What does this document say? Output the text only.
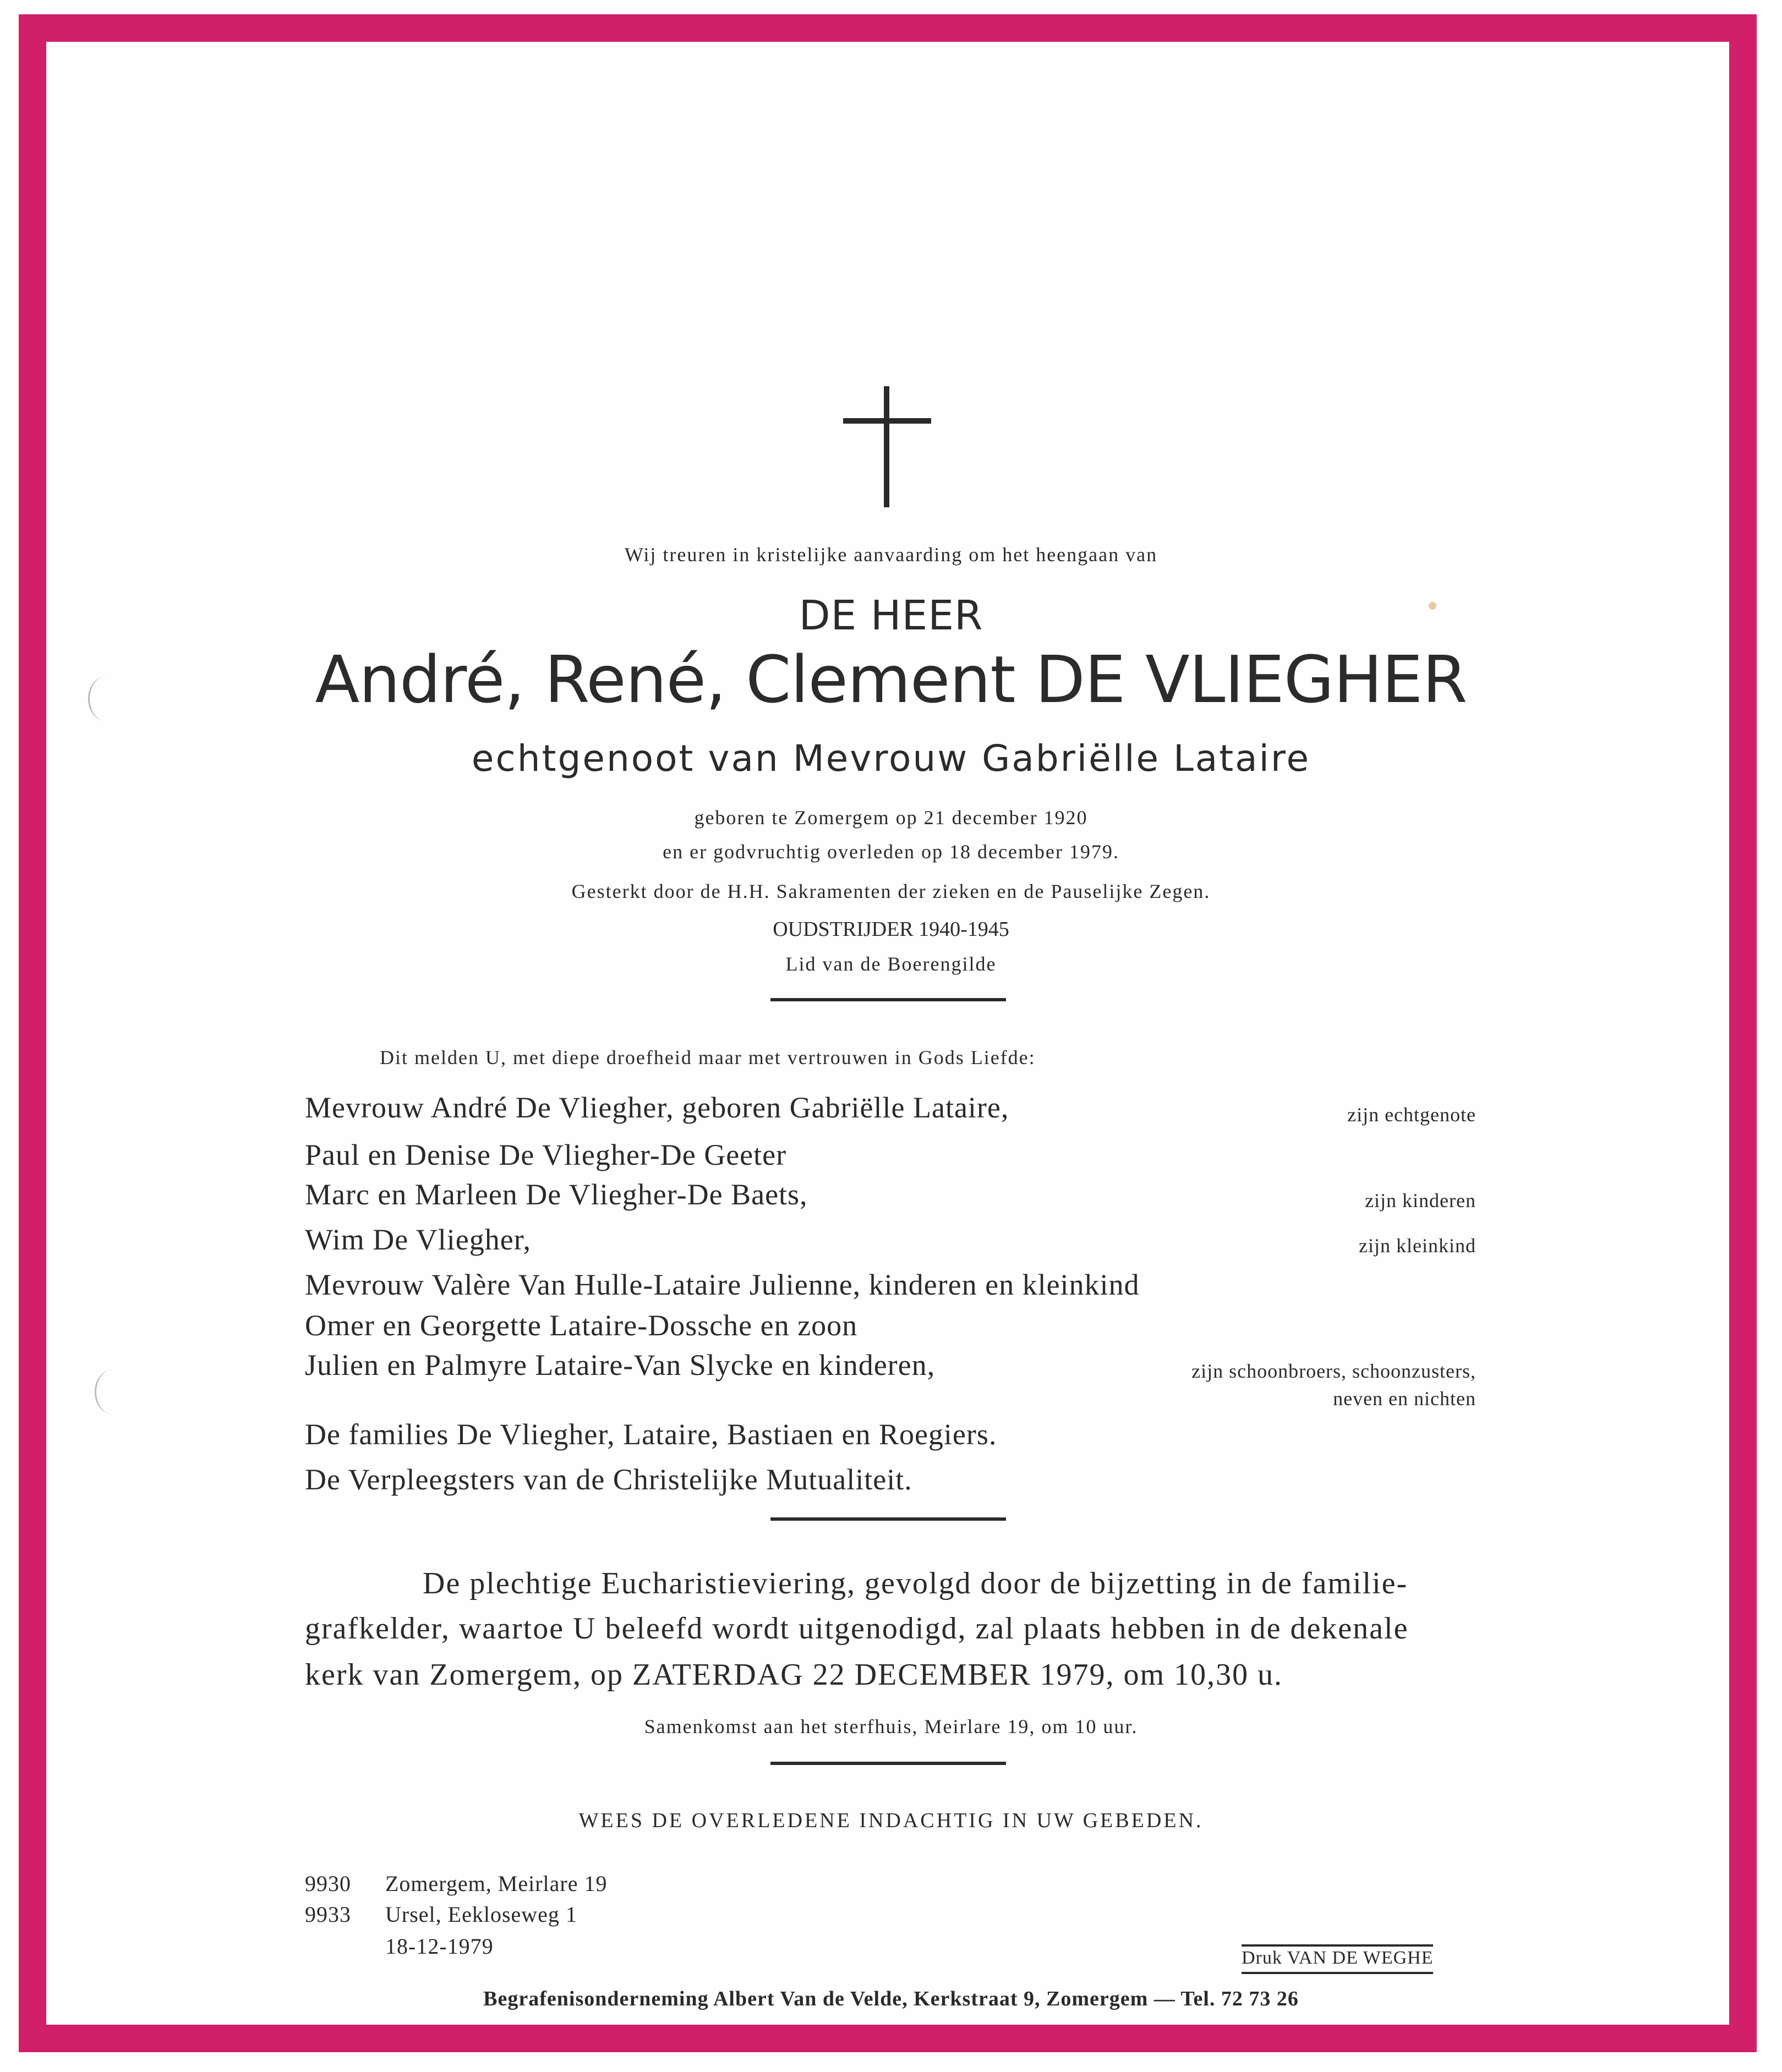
Wij treuren in kristelijke aanvaarding om het heengaan van
DE HEER
André, René, Clement DE VLIEGHER
echtgenoot van Mevrouw Gabriëlle Lataire
geboren te Zomergem op 21 december 1920
en er godvruchtig overleden op 18 december 1979.
Gesterkt door de H.H. Sakramenten der zieken en de Pauselijke Zegen.
OUDSTRIJDER 1940-1945
Lid van de Boerengilde
Dit melden U, met diepe droefheid maar met vertrouwen in Gods Liefde:
Mevrouw André De Vliegher, geboren Gabriëlle Lataire,	zijn echtgenote
Paul en Denise De Vliegher-De Geeter
Marc en Marleen De Vliegher-De Baets,	zijn kinderen
Wim De Vliegher,	zijn kleinkind
Mevrouw Valère Van Hulle-Lataire Julienne, kinderen en kleinkind
Omer en Georgette Lataire-Dossche en zoon
Julien en Palmyre Lataire-Van Slycke en kinderen,	zijn schoonbroers, schoonzusters,
neven en nichten
De families De Vliegher, Lataire, Bastiaen en Roegiers.
De Verpleegsters van de Christelijke Mutualiteit.
De plechtige Eucharistieviering, gevolgd door de bijzetting in de familie-
grafkelder, waartoe U beleefd wordt uitgenodigd, zal plaats hebben in de dekenale
kerk van Zomergem, op ZATERDAG 22 DECEMBER 1979, om 10,30 u.
Samenkomst aan het sterfhuis, Meirlare 19, om 10 uur.
WEES DE OVERLEDENE INDACHTIG IN UW GEBEDEN.
9930 Zomergem, Meirlare 19
9933 Ursel, Eekloseweg 1
18-12-1979	Druk VAN DE WEGHE
Begrafenisonderneming Albert Van de Velde, Kerkstraat 9, Zomergem — Tel. 72 73 26
